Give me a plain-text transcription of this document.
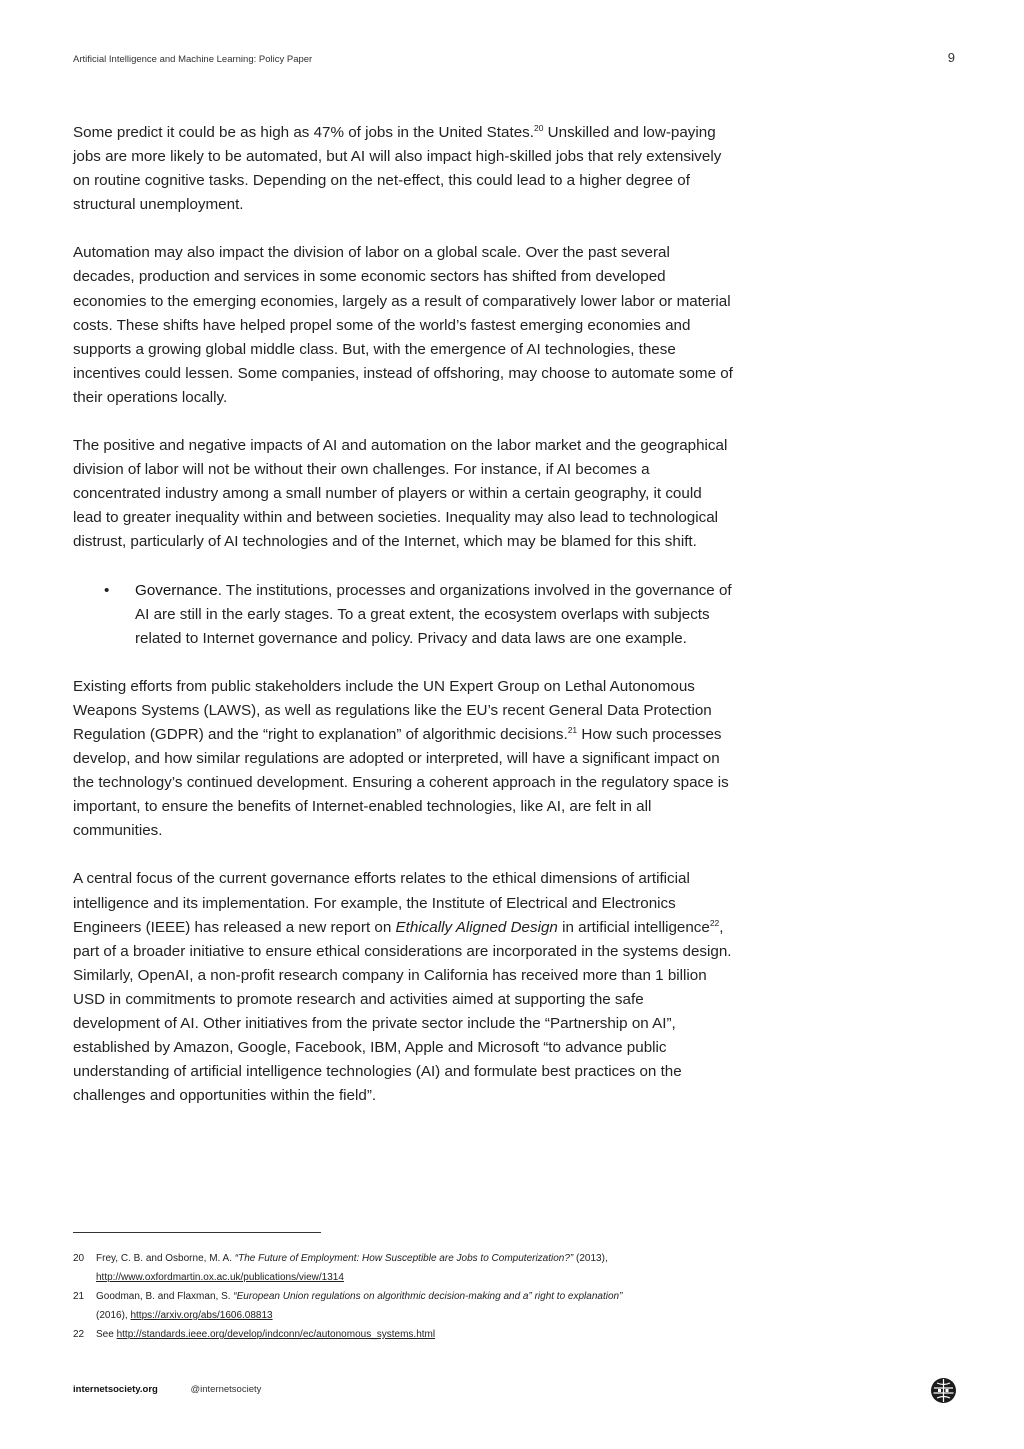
Artificial Intelligence and Machine Learning: Policy Paper	9

Some predict it could be as high as 47% of jobs in the United States.$^{20}$ Unskilled and low-paying jobs are more likely to be automated, but AI will also impact high-skilled jobs that rely extensively on routine cognitive tasks. Depending on the net-effect, this could lead to a higher degree of structural unemployment.

Automation may also impact the division of labor on a global scale. Over the past several decades, production and services in some economic sectors has shifted from developed economies to the emerging economies, largely as a result of comparatively lower labor or material costs. These shifts have helped propel some of the world’s fastest emerging economies and supports a growing global middle class. But, with the emergence of AI technologies, these incentives could lessen. Some companies, instead of offshoring, may choose to automate some of their operations locally.

The positive and negative impacts of AI and automation on the labor market and the geographical division of labor will not be without their own challenges. For instance, if AI becomes a concentrated industry among a small number of players or within a certain geography, it could lead to greater inequality within and between societies. Inequality may also lead to technological distrust, particularly of AI technologies and of the Internet, which may be blamed for this shift.

• Governance. The institutions, processes and organizations involved in the governance of AI are still in the early stages. To a great extent, the ecosystem overlaps with subjects related to Internet governance and policy. Privacy and data laws are one example.

Existing efforts from public stakeholders include the UN Expert Group on Lethal Autonomous Weapons Systems (LAWS), as well as regulations like the EU’s recent General Data Protection Regulation (GDPR) and the “right to explanation” of algorithmic decisions.$^{21}$ How such processes develop, and how similar regulations are adopted or interpreted, will have a significant impact on the technology’s continued development. Ensuring a coherent approach in the regulatory space is important, to ensure the benefits of Internet-enabled technologies, like AI, are felt in all communities.

A central focus of the current governance efforts relates to the ethical dimensions of artificial intelligence and its implementation. For example, the Institute of Electrical and Electronics Engineers (IEEE) has released a new report on Ethically Aligned Design in artificial intelligence$^{22}$, part of a broader initiative to ensure ethical considerations are incorporated in the systems design. Similarly, OpenAI, a non-profit research company in California has received more than 1 billion USD in commitments to promote research and activities aimed at supporting the safe development of AI. Other initiatives from the private sector include the “Partnership on AI”, established by Amazon, Google, Facebook, IBM, Apple and Microsoft “to advance public understanding of artificial intelligence technologies (AI) and formulate best practices on the challenges and opportunities within the field”.

20 Frey, C. B. and Osborne, M. A. “The Future of Employment: How Susceptible are Jobs to Computerization?” (2013),
http://www.oxfordmartin.ox.ac.uk/publications/view/1314
21 Goodman, B. and Flaxman, S. “European Union regulations on algorithmic decision-making and a” right to explanation”
(2016), https://arxiv.org/abs/1606.08813
22 See http://standards.ieee.org/develop/indconn/ec/autonomous_systems.html
internetsociety.org	@internetsociety
